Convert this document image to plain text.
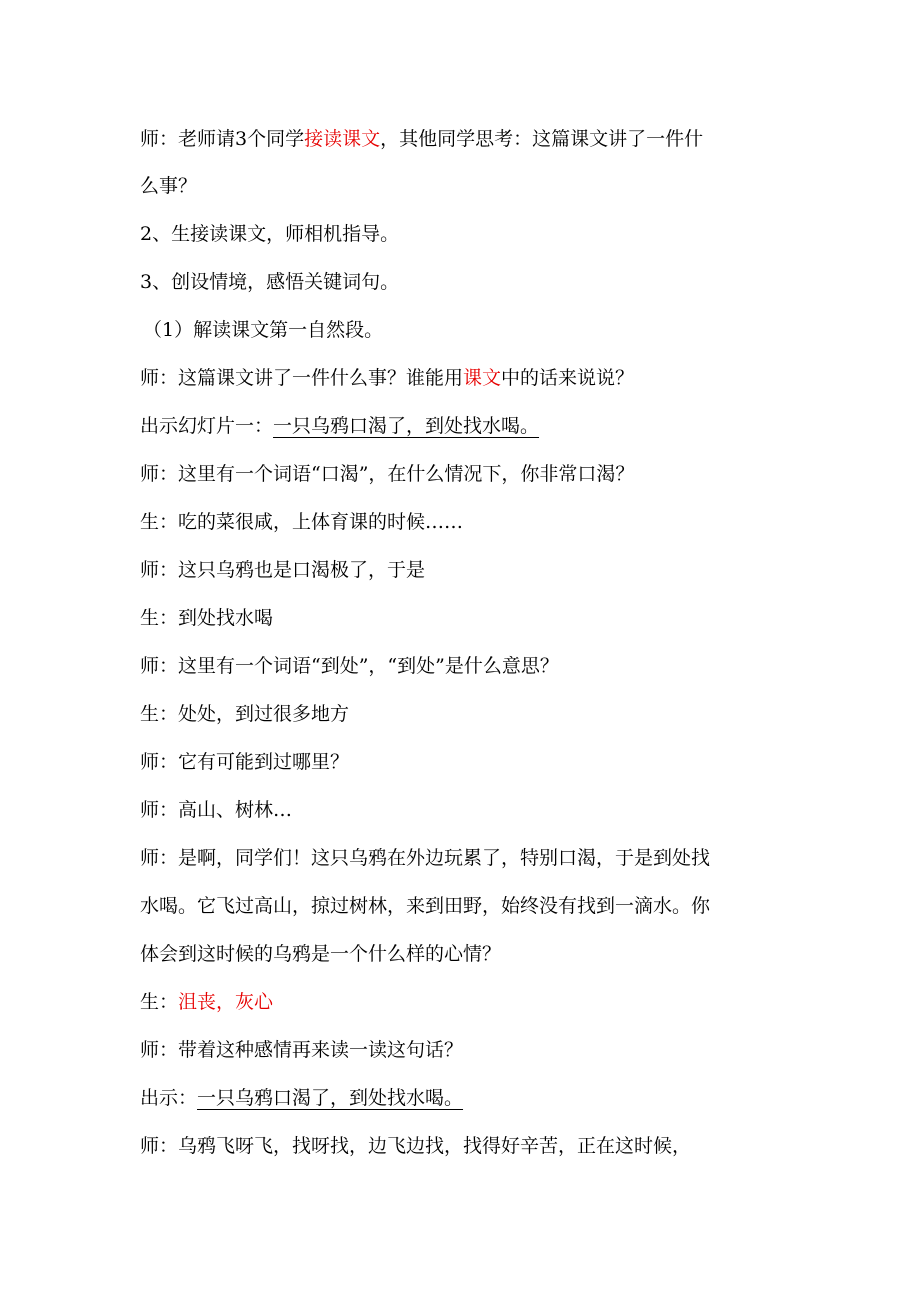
师：老师请3个同学接读课文，其他同学思考：这篇课文讲了一件什
么事？
2、生接读课文，师相机指导。
3、创设情境，感悟关键词句。
（1）解读课文第一自然段。
师：这篇课文讲了一件什么事？谁能用课文中的话来说说？
出示幻灯片一：一只乌鸦口渴了，到处找水喝。
师：这里有一个词语“口渴”，在什么情况下，你非常口渴？
生：吃的菜很咸，上体育课的时候……
师：这只乌鸦也是口渴极了，于是
生：到处找水喝
师：这里有一个词语“到处”，“到处”是什么意思？
生：处处，到过很多地方
师：它有可能到过哪里？
师：高山、树林…
师：是啊，同学们！这只乌鸦在外边玩累了，特别口渴，于是到处找
水喝。它飞过高山，掠过树林，来到田野，始终没有找到一滴水。你
体会到这时候的乌鸦是一个什么样的心情？
生：沮丧，灰心
师：带着这种感情再来读一读这句话？
出示：一只乌鸦口渴了，到处找水喝。
师：乌鸦飞呀飞，找呀找，边飞边找，找得好辛苦，正在这时候，
